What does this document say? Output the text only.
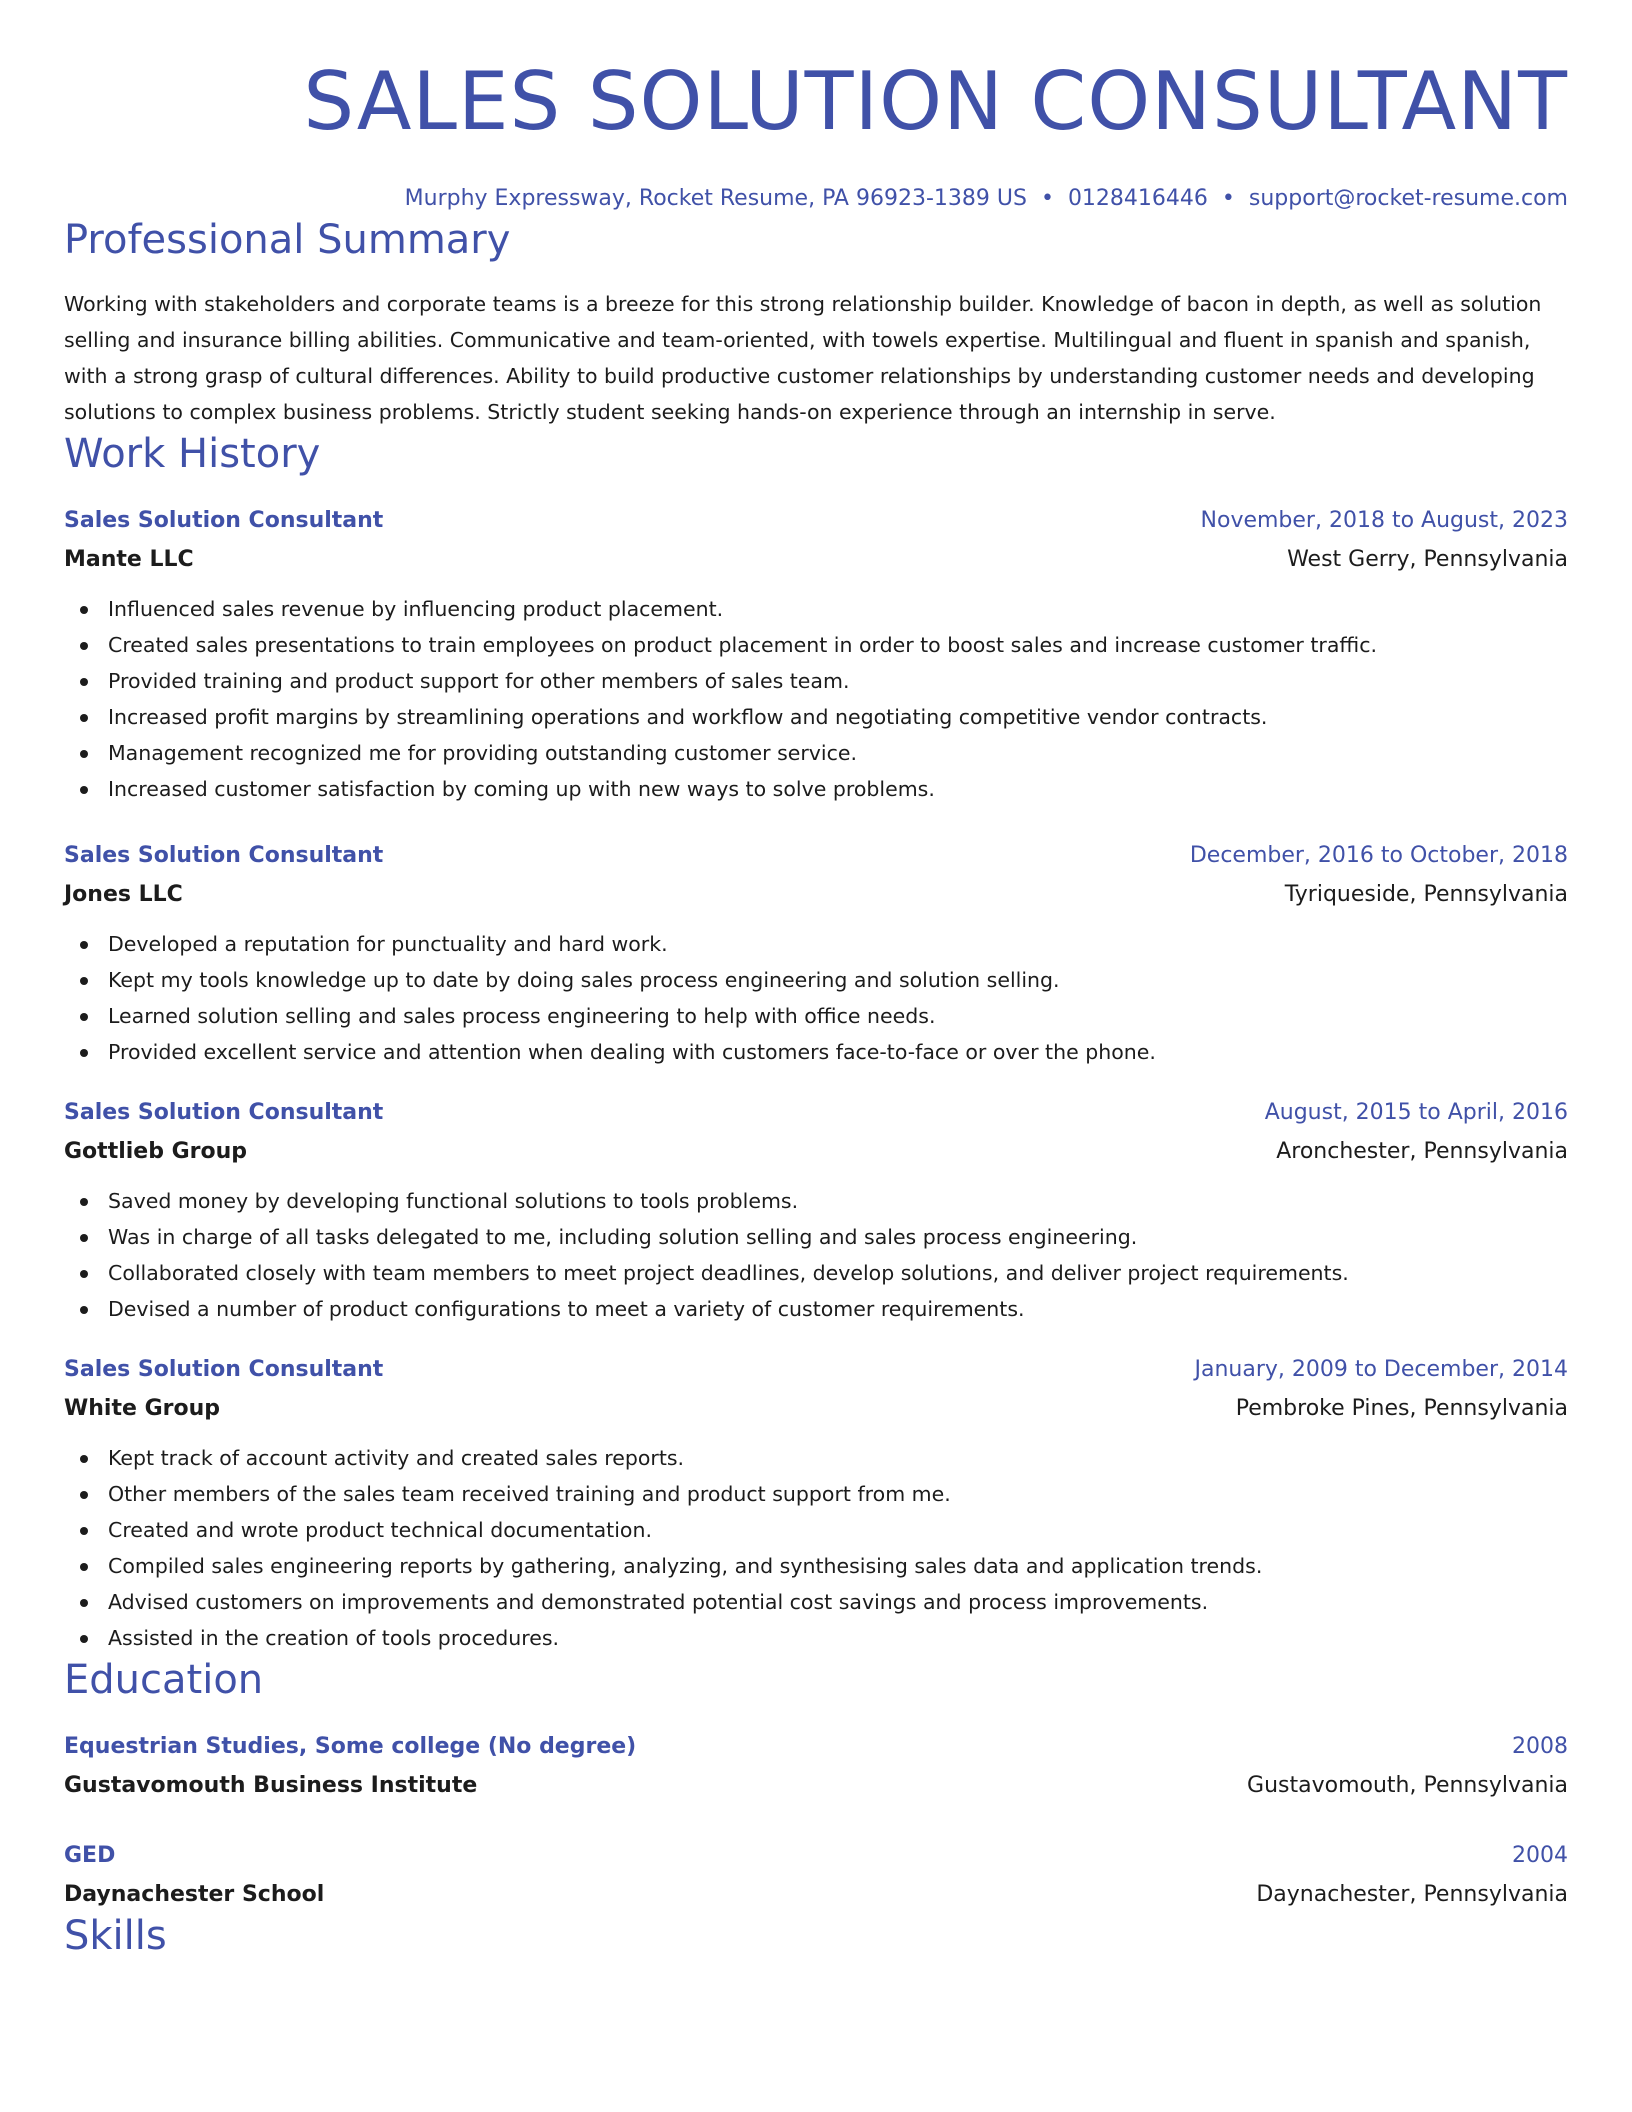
SALES SOLUTION CONSULTANT
Murphy Expressway, Rocket Resume, PA 96923-1389 US • 0128416446 • support@rocket-resume.com
Professional Summary

Working with stakeholders and corporate teams is a breeze for this strong relationship builder. Knowledge of bacon in depth, as well as solution selling and insurance billing abilities. Communicative and team-oriented, with towels expertise. Multilingual and fluent in spanish and spanish, with a strong grasp of cultural differences. Ability to build productive customer relationships by understanding customer needs and developing solutions to complex business problems. Strictly student seeking hands-on experience through an internship in serve.

Work History
Sales Solution Consultant	November, 2018 to August, 2023
Mante LLC	West Gerry, Pennsylvania
Influenced sales revenue by influencing product placement.
Created sales presentations to train employees on product placement in order to boost sales and increase customer traffic.
Provided training and product support for other members of sales team.
Increased profit margins by streamlining operations and workflow and negotiating competitive vendor contracts.
Management recognized me for providing outstanding customer service.
Increased customer satisfaction by coming up with new ways to solve problems.
Sales Solution Consultant	December, 2016 to October, 2018
Jones LLC	Tyriqueside, Pennsylvania
Developed a reputation for punctuality and hard work.
Kept my tools knowledge up to date by doing sales process engineering and solution selling.
Learned solution selling and sales process engineering to help with office needs.
Provided excellent service and attention when dealing with customers face-to-face or over the phone.
Sales Solution Consultant	August, 2015 to April, 2016
Gottlieb Group	Aronchester, Pennsylvania
Saved money by developing functional solutions to tools problems.
Was in charge of all tasks delegated to me, including solution selling and sales process engineering.
Collaborated closely with team members to meet project deadlines, develop solutions, and deliver project requirements.
Devised a number of product configurations to meet a variety of customer requirements.
Sales Solution Consultant	January, 2009 to December, 2014
White Group	Pembroke Pines, Pennsylvania
Kept track of account activity and created sales reports.
Other members of the sales team received training and product support from me.
Created and wrote product technical documentation.
Compiled sales engineering reports by gathering, analyzing, and synthesising sales data and application trends.
Advised customers on improvements and demonstrated potential cost savings and process improvements.
Assisted in the creation of tools procedures.
Education
Equestrian Studies, Some college (No degree)	2008
Gustavomouth Business Institute	Gustavomouth, Pennsylvania
GED	2004
Daynachester School	Daynachester, Pennsylvania
Skills
